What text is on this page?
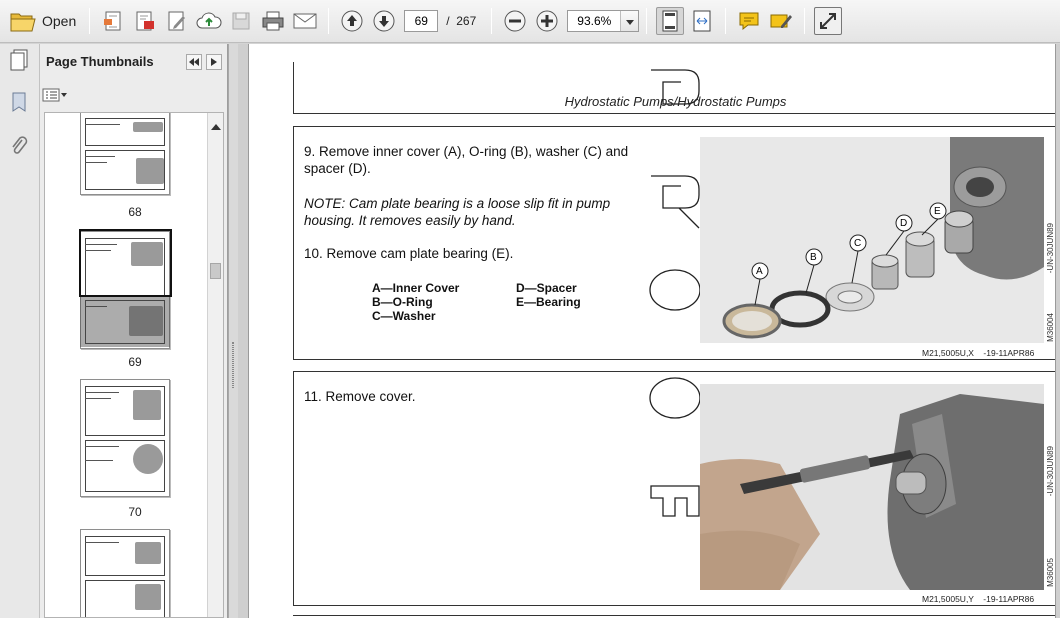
Open
69	/  267
93.6%
Page Thumbnails
68
69
70
Hydrostatic Pumps/Hydrostatic Pumps
9. Remove inner cover (A), O-ring (B), washer (C) and spacer (D).
NOTE: Cam plate bearing is a loose slip fit in pump housing. It removes easily by hand.
10. Remove cam plate bearing (E).
A—Inner Cover
B—O-Ring
C—Washer
D—Spacer
E—Bearing
A
B
C
D
E
-UN-30JUN89
M36004
M21,5005U,X    -19-11APR86
11. Remove cover.
-UN-30JUN89
M36005
M21,5005U,Y    -19-11APR86
